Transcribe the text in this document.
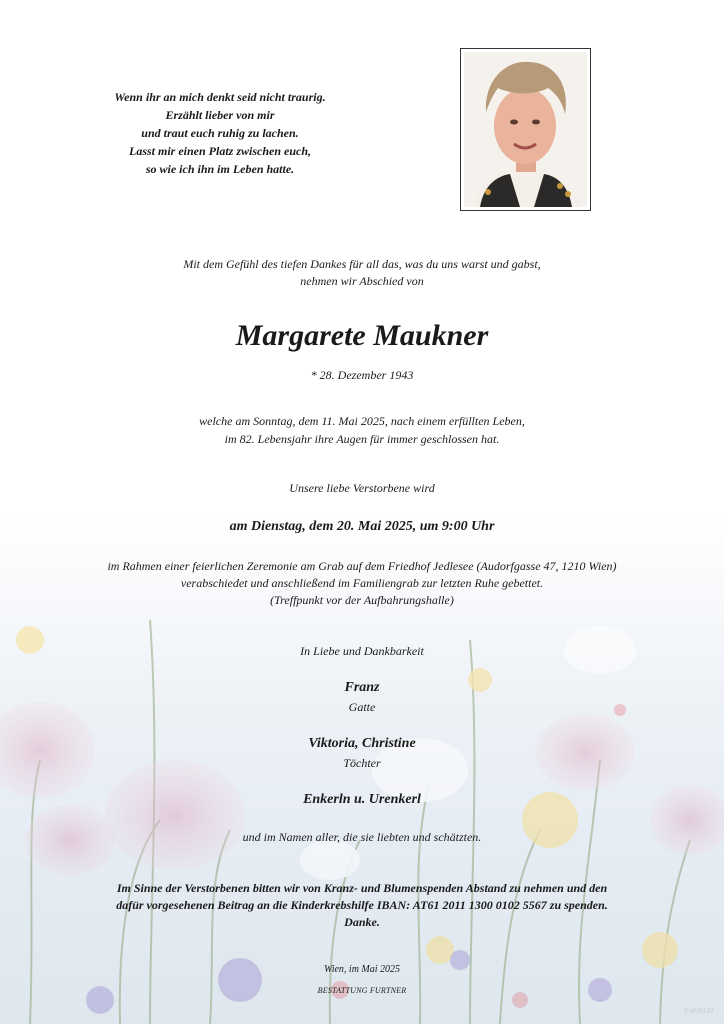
Wenn ihr an mich denkt seid nicht traurig.
Erzählt lieber von mir
und traut euch ruhig zu lachen.
Lasst mir einen Platz zwischen euch,
so wie ich ihn im Leben hatte.
Mit dem Gefühl des tiefen Dankes für all das, was du uns warst und gabst,
nehmen wir Abschied von
Margarete Maukner
* 28. Dezember 1943
welche am Sonntag, dem 11. Mai 2025, nach einem erfüllten Leben,
im 82. Lebensjahr ihre Augen für immer geschlossen hat.
Unsere liebe Verstorbene wird
am Dienstag, dem 20. Mai 2025, um 9:00 Uhr
im Rahmen einer feierlichen Zeremonie am Grab auf dem Friedhof Jedlesee (Audorfgasse 47, 1210 Wien)
verabschiedet und anschließend im Familiengrab zur letzten Ruhe gebettet.
(Treffpunkt vor der Aufbahrungshalle)
In Liebe und Dankbarkeit
Franz
Gatte
Viktoria, Christine
Töchter
Enkerln u. Urenkerl
und im Namen aller, die sie liebten und schätzten.
Im Sinne der Verstorbenen bitten wir von Kranz- und Blumenspenden Abstand zu nehmen und den
dafür vorgesehenen Beitrag an die Kinderkrebshilfe IBAN: AT61 2011 1300 0102 5567 zu spenden.
Danke.
Wien, im Mai 2025
BESTATTUNG FURTNER
©SP/0137
